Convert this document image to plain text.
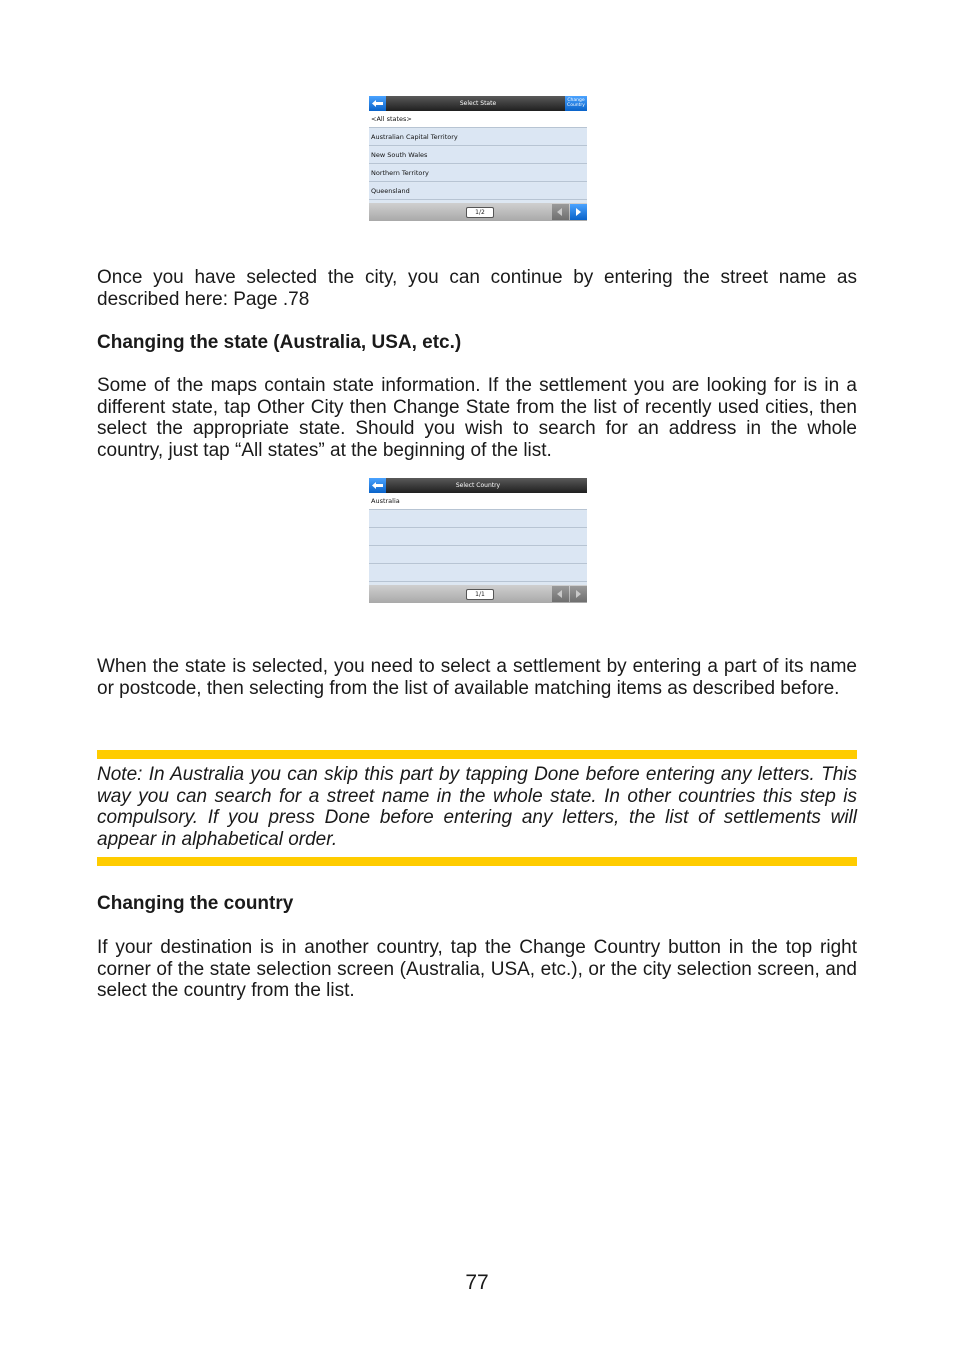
Select State	Change Country
<All states>
Australian Capital Territory
New South Wales
Northern Territory
Queensland
1/2

Once you have selected the city, you can continue by entering the street name as described here: Page .78

Changing the state (Australia, USA, etc.)

Some of the maps contain state information. If the settlement you are looking for is in a different state, tap Other City then Change State from the list of recently used cities, then select the appropriate state. Should you wish to search for an address in the whole country, just tap “All states” at the beginning of the list.

Select Country
Australia
1/1

When the state is selected, you need to select a settlement by entering a part of its name or postcode, then selecting from the list of available matching items as described before.

Note: In Australia you can skip this part by tapping Done before entering any letters. This way you can search for a street name in the whole state. In other countries this step is compulsory. If you press Done before entering any letters, the list of settlements will appear in alphabetical order.

Changing the country

If your destination is in another country, tap the Change Country button in the top right corner of the state selection screen (Australia, USA, etc.), or the city selection screen, and select the country from the list.

77
